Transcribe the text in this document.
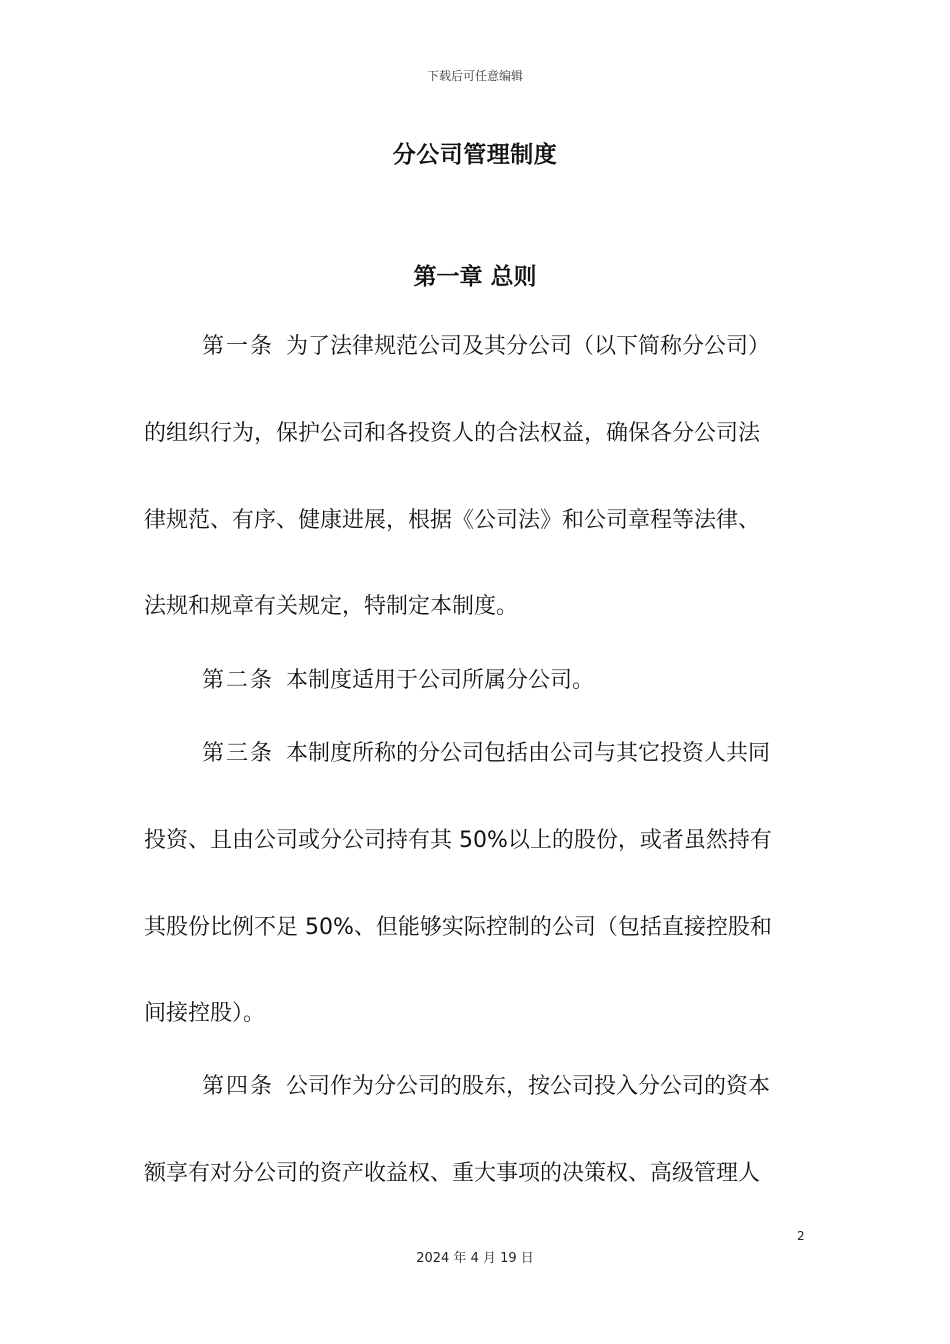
下载后可任意编辑
分公司管理制度
第一章 总则
第一条 为了法律规范公司及其分公司（以下简称分公司）
的组织行为，保护公司和各投资人的合法权益，确保各分公司法
律规范、有序、健康进展，根据《公司法》和公司章程等法律、
法规和规章有关规定，特制定本制度。
第二条 本制度适用于公司所属分公司。
第三条 本制度所称的分公司包括由公司与其它投资人共同
投资、且由公司或分公司持有其 50%以上的股份，或者虽然持有
其股份比例不足 50%、但能够实际控制的公司（包括直接控股和
间接控股）。
第四条 公司作为分公司的股东，按公司投入分公司的资本
额享有对分公司的资产收益权、重大事项的决策权、高级管理人
2
2024 年 4 月 19 日
